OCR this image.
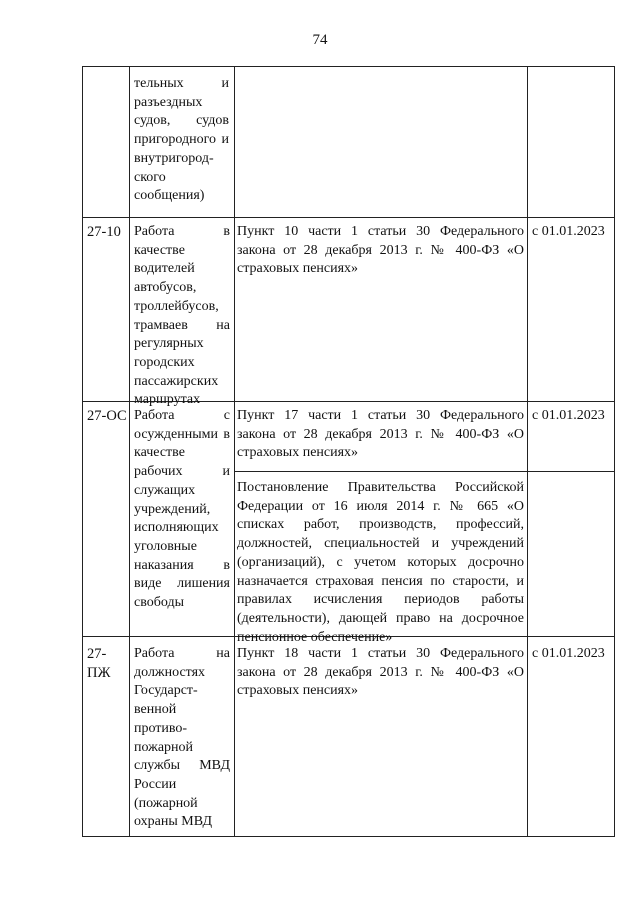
74
тельных и разъездных судов, судов пригородного и внутригород-ского сообщения)
27-10 Работа в качестве водителей автобусов, троллейбусов, трамваев на регулярных городских пассажирских маршрутах
Пункт 10 части 1 статьи 30 Федерального закона от 28 декабря 2013 г. № 400-ФЗ «О страховых пенсиях»
с 01.01.2023
27-ОС Работа с осужденными в качестве рабочих и служащих учреждений, исполняющих уголовные наказания в виде лишения свободы
Пункт 17 части 1 статьи 30 Федерального закона от 28 декабря 2013 г. № 400-ФЗ «О страховых пенсиях»
Постановление Правительства Российской Федерации от 16 июля 2014 г. № 665 «О списках работ, производств, профессий, должностей, специальностей и учреждений (организаций), с учетом которых досрочно назначается страховая пенсия по старости, и правилах исчисления периодов работы (деятельности), дающей право на досрочное пенсионное обеспечение»
с 01.01.2023
27-ПЖ
Работа на должностях Государст-венной противо-пожарной службы МВД России (пожарной охраны МВД
Пункт 18 части 1 статьи 30 Федерального закона от 28 декабря 2013 г. № 400-ФЗ «О страховых пенсиях»
с 01.01.2023
